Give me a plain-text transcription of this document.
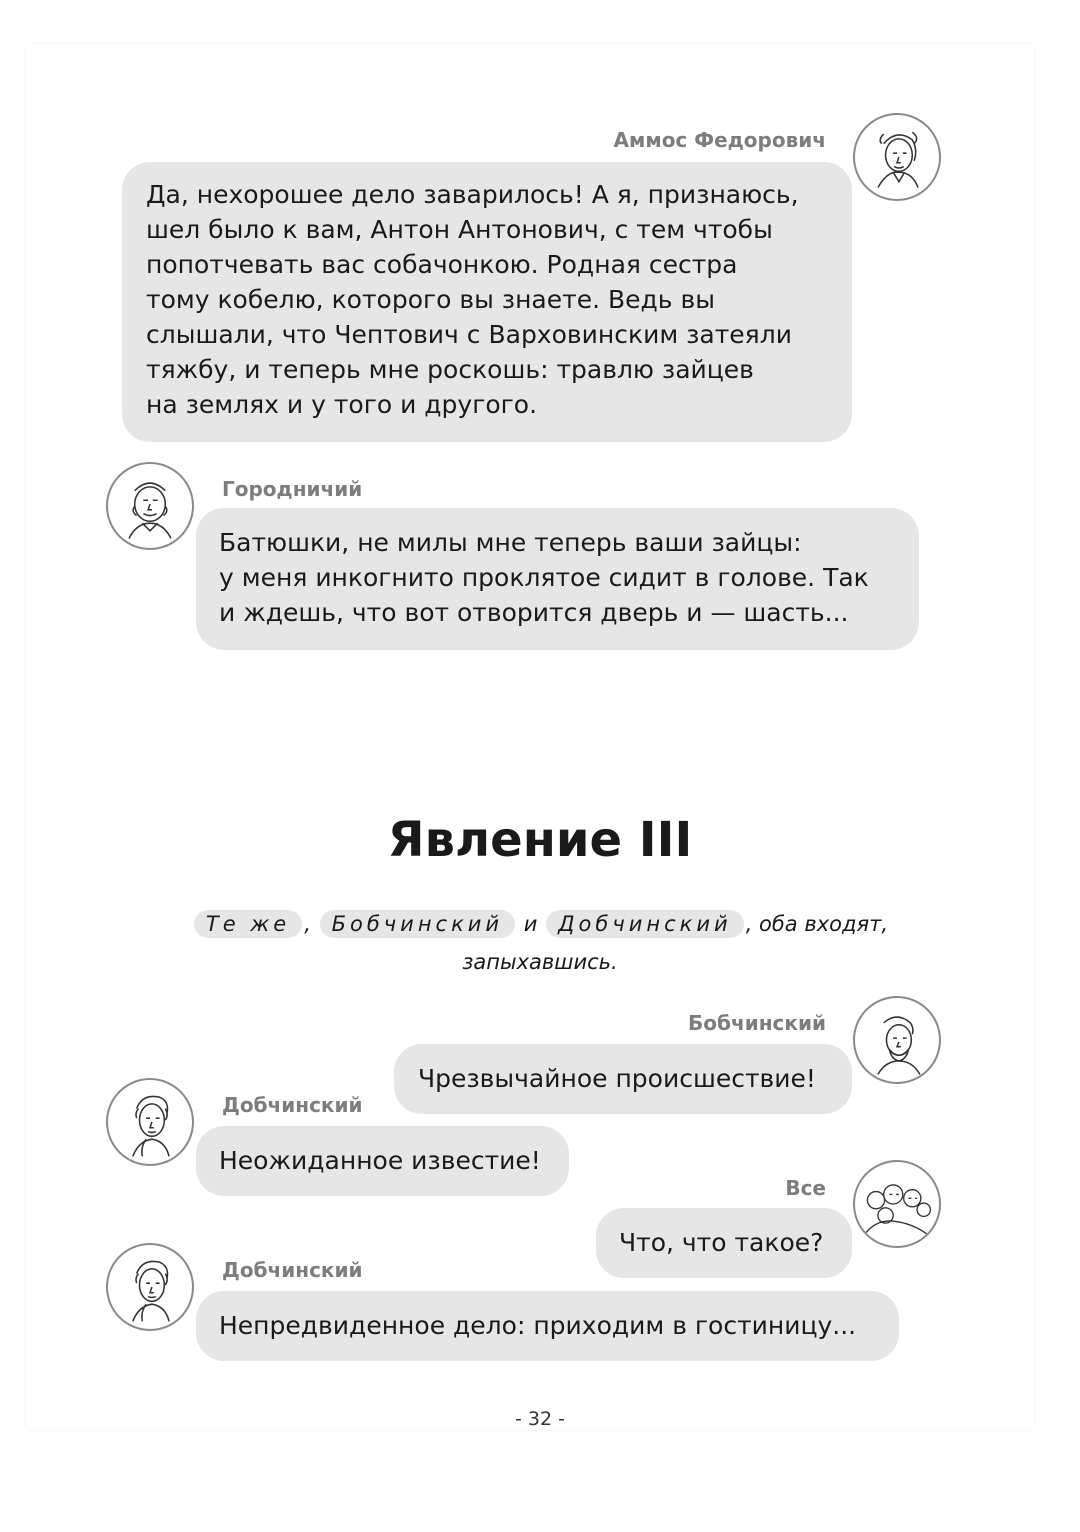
Аммос Федорович
Да, нехорошее дело заварилось! А я, признаюсь,
шел было к вам, Антон Антонович, с тем чтобы
попотчевать вас собачонкою. Родная сестра
тому кобелю, которого вы знаете. Ведь вы
слышали, что Чептович с Варховинским затеяли
тяжбу, и теперь мне роскошь: травлю зайцев
на землях и у того и другого.
Городничий
Батюшки, не милы мне теперь ваши зайцы:
у меня инкогнито проклятое сидит в голове. Так
и ждешь, что вот отворится дверь и — шасть...
Явление III
Те же , Бобчинский и Добчинский , оба входят,
запыхавшись.
Бобчинский
Чрезвычайное происшествие!
Добчинский
Неожиданное известие!
Все
Что, что такое?
Добчинский
Непредвиденное дело: приходим в гостиницу...
- 32 -
